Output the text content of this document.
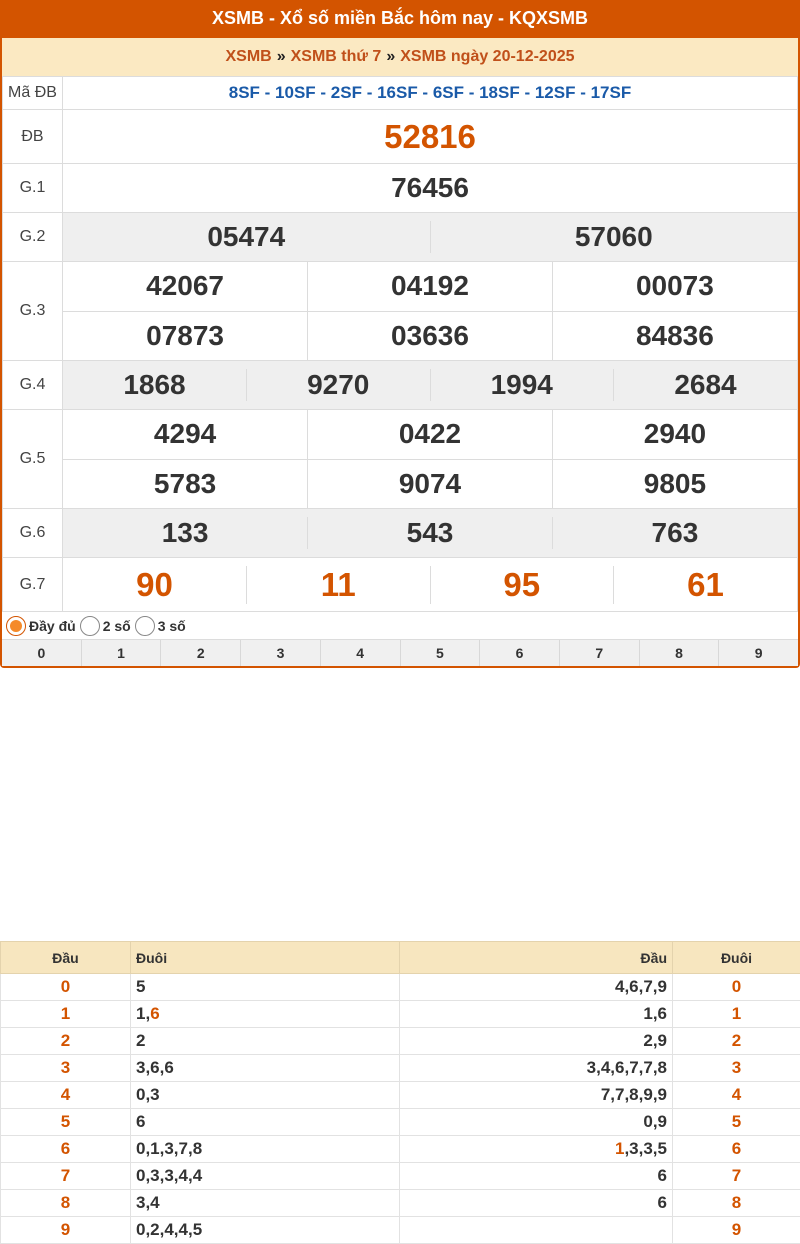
XSMB - Xổ số miền Bắc hôm nay - KQXSMB
XSMB » XSMB thứ 7 » XSMB ngày 20-12-2025
Mã ĐB	8SF - 10SF - 2SF - 16SF - 6SF - 18SF - 12SF - 17SF
ĐB	52816
G.1	76456
G.2		05474	57060

G.3	
42067	04192	00073
07873	03636	84836

G.4		1868	9270	1994	2684

G.5	
4294	0422	2940
5783	9074	9805

G.6		133	543	763

G.7		90	11	95	61
Đầy đủ 2 số 3 số
0	1	2	3	4	5	6	7	8	9
Đầu	Đuôi	Đầu	Đuôi
0	5	4,6,7,9	0
1	1,6	1,6	1
2	2	2,9	2
3	3,6,6	3,4,6,7,7,8	3
4	0,3	7,7,8,9,9	4
5	6	0,9	5
6	0,1,3,7,8	1,3,3,5	6
7	0,3,3,4,4	6	7
8	3,4	6	8
9	0,2,4,4,5		9
